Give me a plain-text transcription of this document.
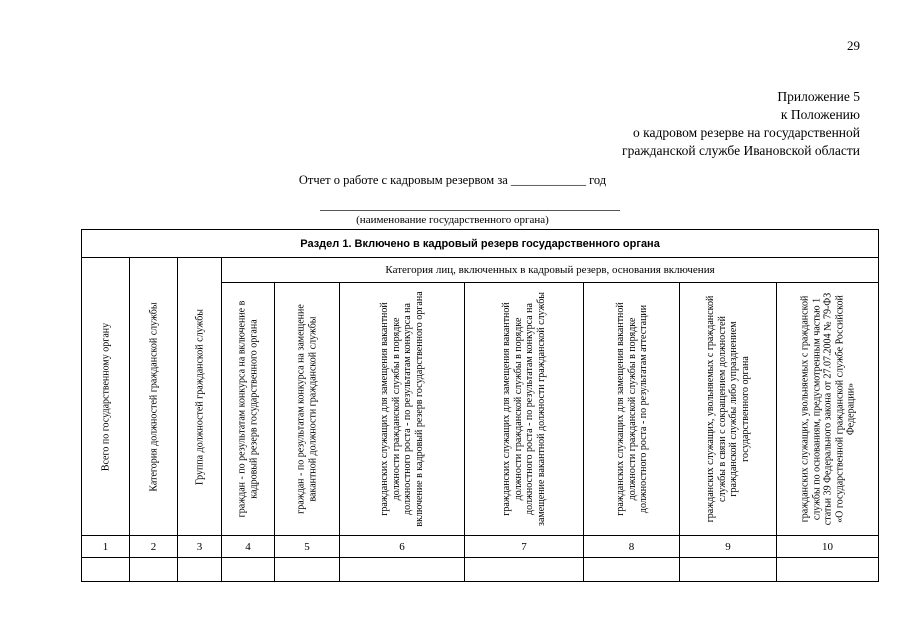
29
Приложение 5
к Положению
о кадровом резерве на государственной
гражданской службе Ивановской области
Отчет о работе с кадровым резервом за ____________ год
(наименование государственного органа)
Раздел 1. Включено в кадровый резерв государственного органа									

Всего по государственному органу	Категория должностей гражданской службы	Группа должностей гражданской службы	Категория лиц, включенных в кадровый резерв, основания включения						

			граждан - по результатам конкурса на включение в кадровый резерв государственного органа	граждан - по результатам конкурса на замещение вакантной должности гражданской службы	гражданских служащих для замещения вакантной должности гражданской службы в порядке должностного роста - по результатам конкурса на включение в кадровый резерв государственного органа	гражданских служащих для замещения вакантной должности гражданской службы в порядке должностного роста - по результатам конкурса на замещение вакантной должности гражданской службы	гражданских служащих для замещения вакантной должности гражданской службы в порядке должностного роста - по результатам аттестации	гражданских служащих, увольняемых с гражданской службы в связи с сокращением должностей гражданской службы либо упразднением государственного органа	гражданских служащих, увольняемых с гражданской службы по основаниям, предусмотренным частью 1 статьи 39 Федерального закона от 27.07.2004 № 79-ФЗ «О государственной гражданской службе Российской Федерации»

1	2	3	4	5	6	7	8	9	10
